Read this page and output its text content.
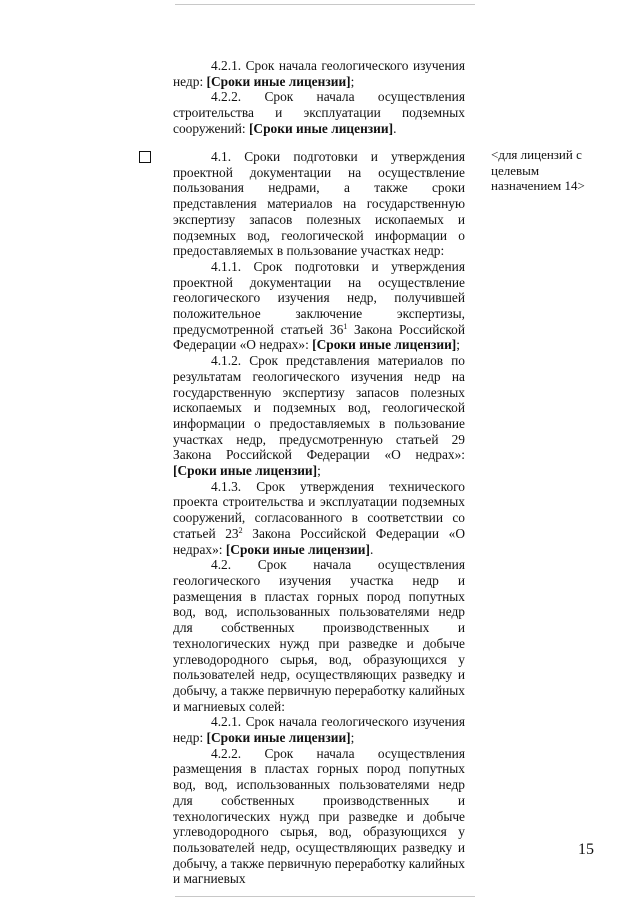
4.2.1. Срок начала геологического изучения недр: [Сроки иные лицензии];

4.2.2. Срок начала осуществления строительства и эксплуатации подземных сооружений: [Сроки иные лицензии].

<для лицензий с целевым назначением 14>

4.1. Сроки подготовки и утверждения проектной документации на осуществление пользования недрами, а также сроки представления материалов на государственную экспертизу запасов полезных ископаемых и подземных вод, геологической информации о предоставляемых в пользование участках недр:

4.1.1. Срок подготовки и утверждения проектной документации на осуществление геологического изучения недр, получившей положительное заключение экспертизы, предусмотренной статьей $36^1$ Закона Российской Федерации «О недрах»: [Сроки иные лицензии];

4.1.2. Срок представления материалов по результатам геологического изучения недр на государственную экспертизу запасов полезных ископаемых и подземных вод, геологической информации о предоставляемых в пользование участках недр, предусмотренную статьей 29 Закона Российской Федерации «О недрах»: [Сроки иные лицензии];

4.1.3. Срок утверждения технического проекта строительства и эксплуатации подземных сооружений, согласованного в соответствии со статьей $23^2$ Закона Российской Федерации «О недрах»: [Сроки иные лицензии].

4.2. Срок начала осуществления геологического изучения участка недр и размещения в пластах горных пород попутных вод, вод, использованных пользователями недр для собственных производственных и технологических нужд при разведке и добыче углеводородного сырья, вод, образующихся у пользователей недр, осуществляющих разведку и добычу, а также первичную переработку калийных и магниевых солей:

4.2.1. Срок начала геологического изучения недр: [Сроки иные лицензии];

4.2.2. Срок начала осуществления размещения в пластах горных пород попутных вод, вод, использованных пользователями недр для собственных производственных и технологических нужд при разведке и добыче углеводородного сырья, вод, образующихся у пользователей недр, осуществляющих разведку и добычу, а также первичную переработку калийных и магниевых

15
